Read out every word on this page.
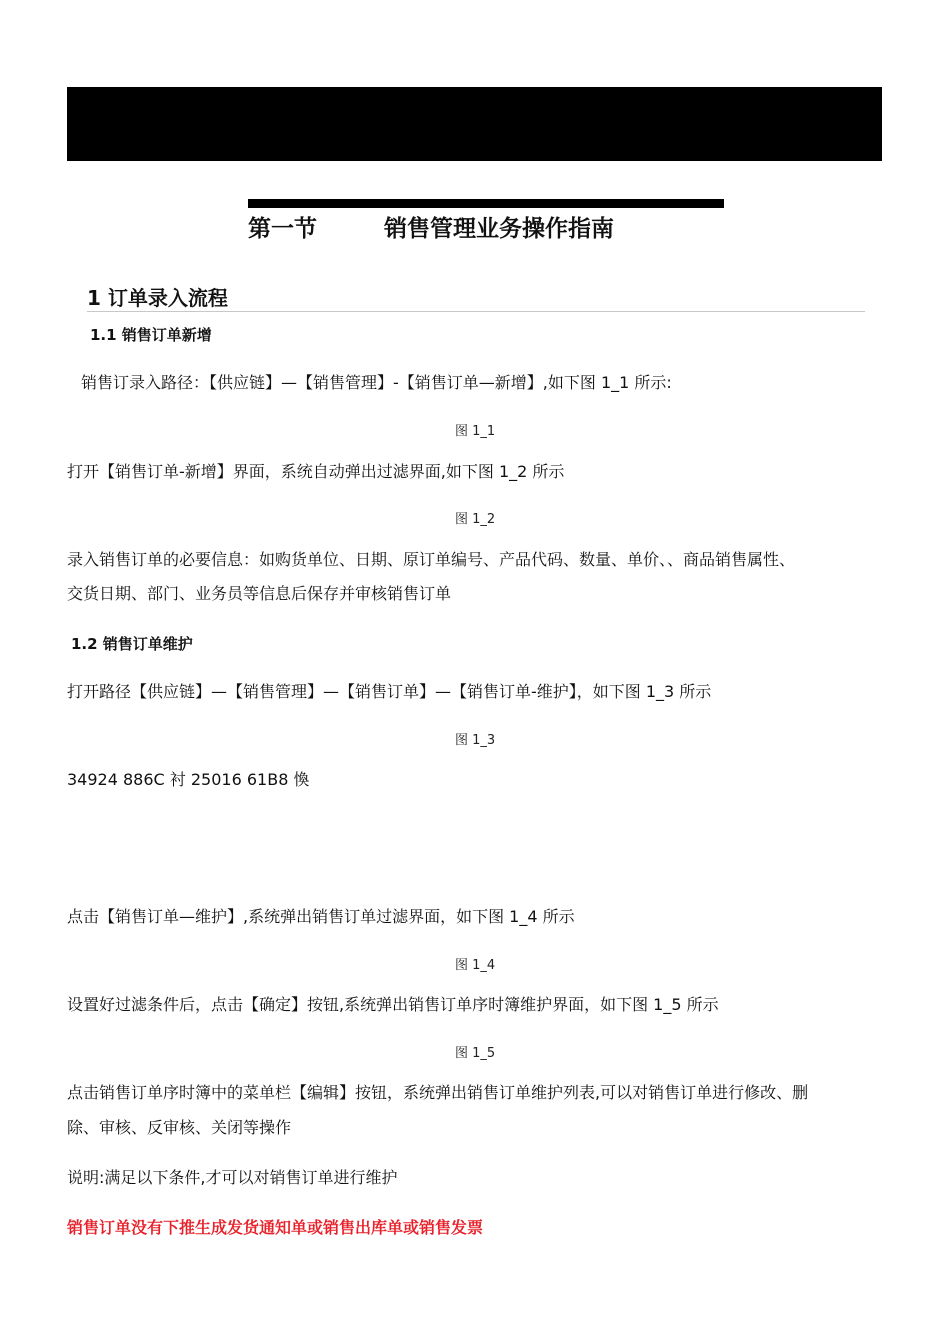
第一节	销售管理业务操作指南
1 订单录入流程
1.1 销售订单新增
销售订录入路径：【供应链】—【销售管理】-【销售订单—新增】,如下图 1_1 所示:
图 1_1
打开【销售订单-新增】界面，系统自动弹出过滤界面,如下图 1_2 所示
图 1_2
录入销售订单的必要信息：如购货单位、日期、原订单编号、产品代码、数量、单价、、商品销售属性、
交货日期、部门、业务员等信息后保存并审核销售订单
1.2 销售订单维护
打开路径【供应链】—【销售管理】—【销售订单】—【销售订单-维护】，如下图 1_3 所示
图 1_3
34924 886C 衬 25016 61B8 愌
点击【销售订单—维护】,系统弹出销售订单过滤界面，如下图 1_4 所示
图 1_4
设置好过滤条件后，点击【确定】按钮,系统弹出销售订单序时簿维护界面，如下图 1_5 所示
图 1_5
点击销售订单序时簿中的菜单栏【编辑】按钮，系统弹出销售订单维护列表,可以对销售订单进行修改、删
除、审核、反审核、关闭等操作
说明:满足以下条件,才可以对销售订单进行维护
销售订单没有下推生成发货通知单或销售出库单或销售发票
